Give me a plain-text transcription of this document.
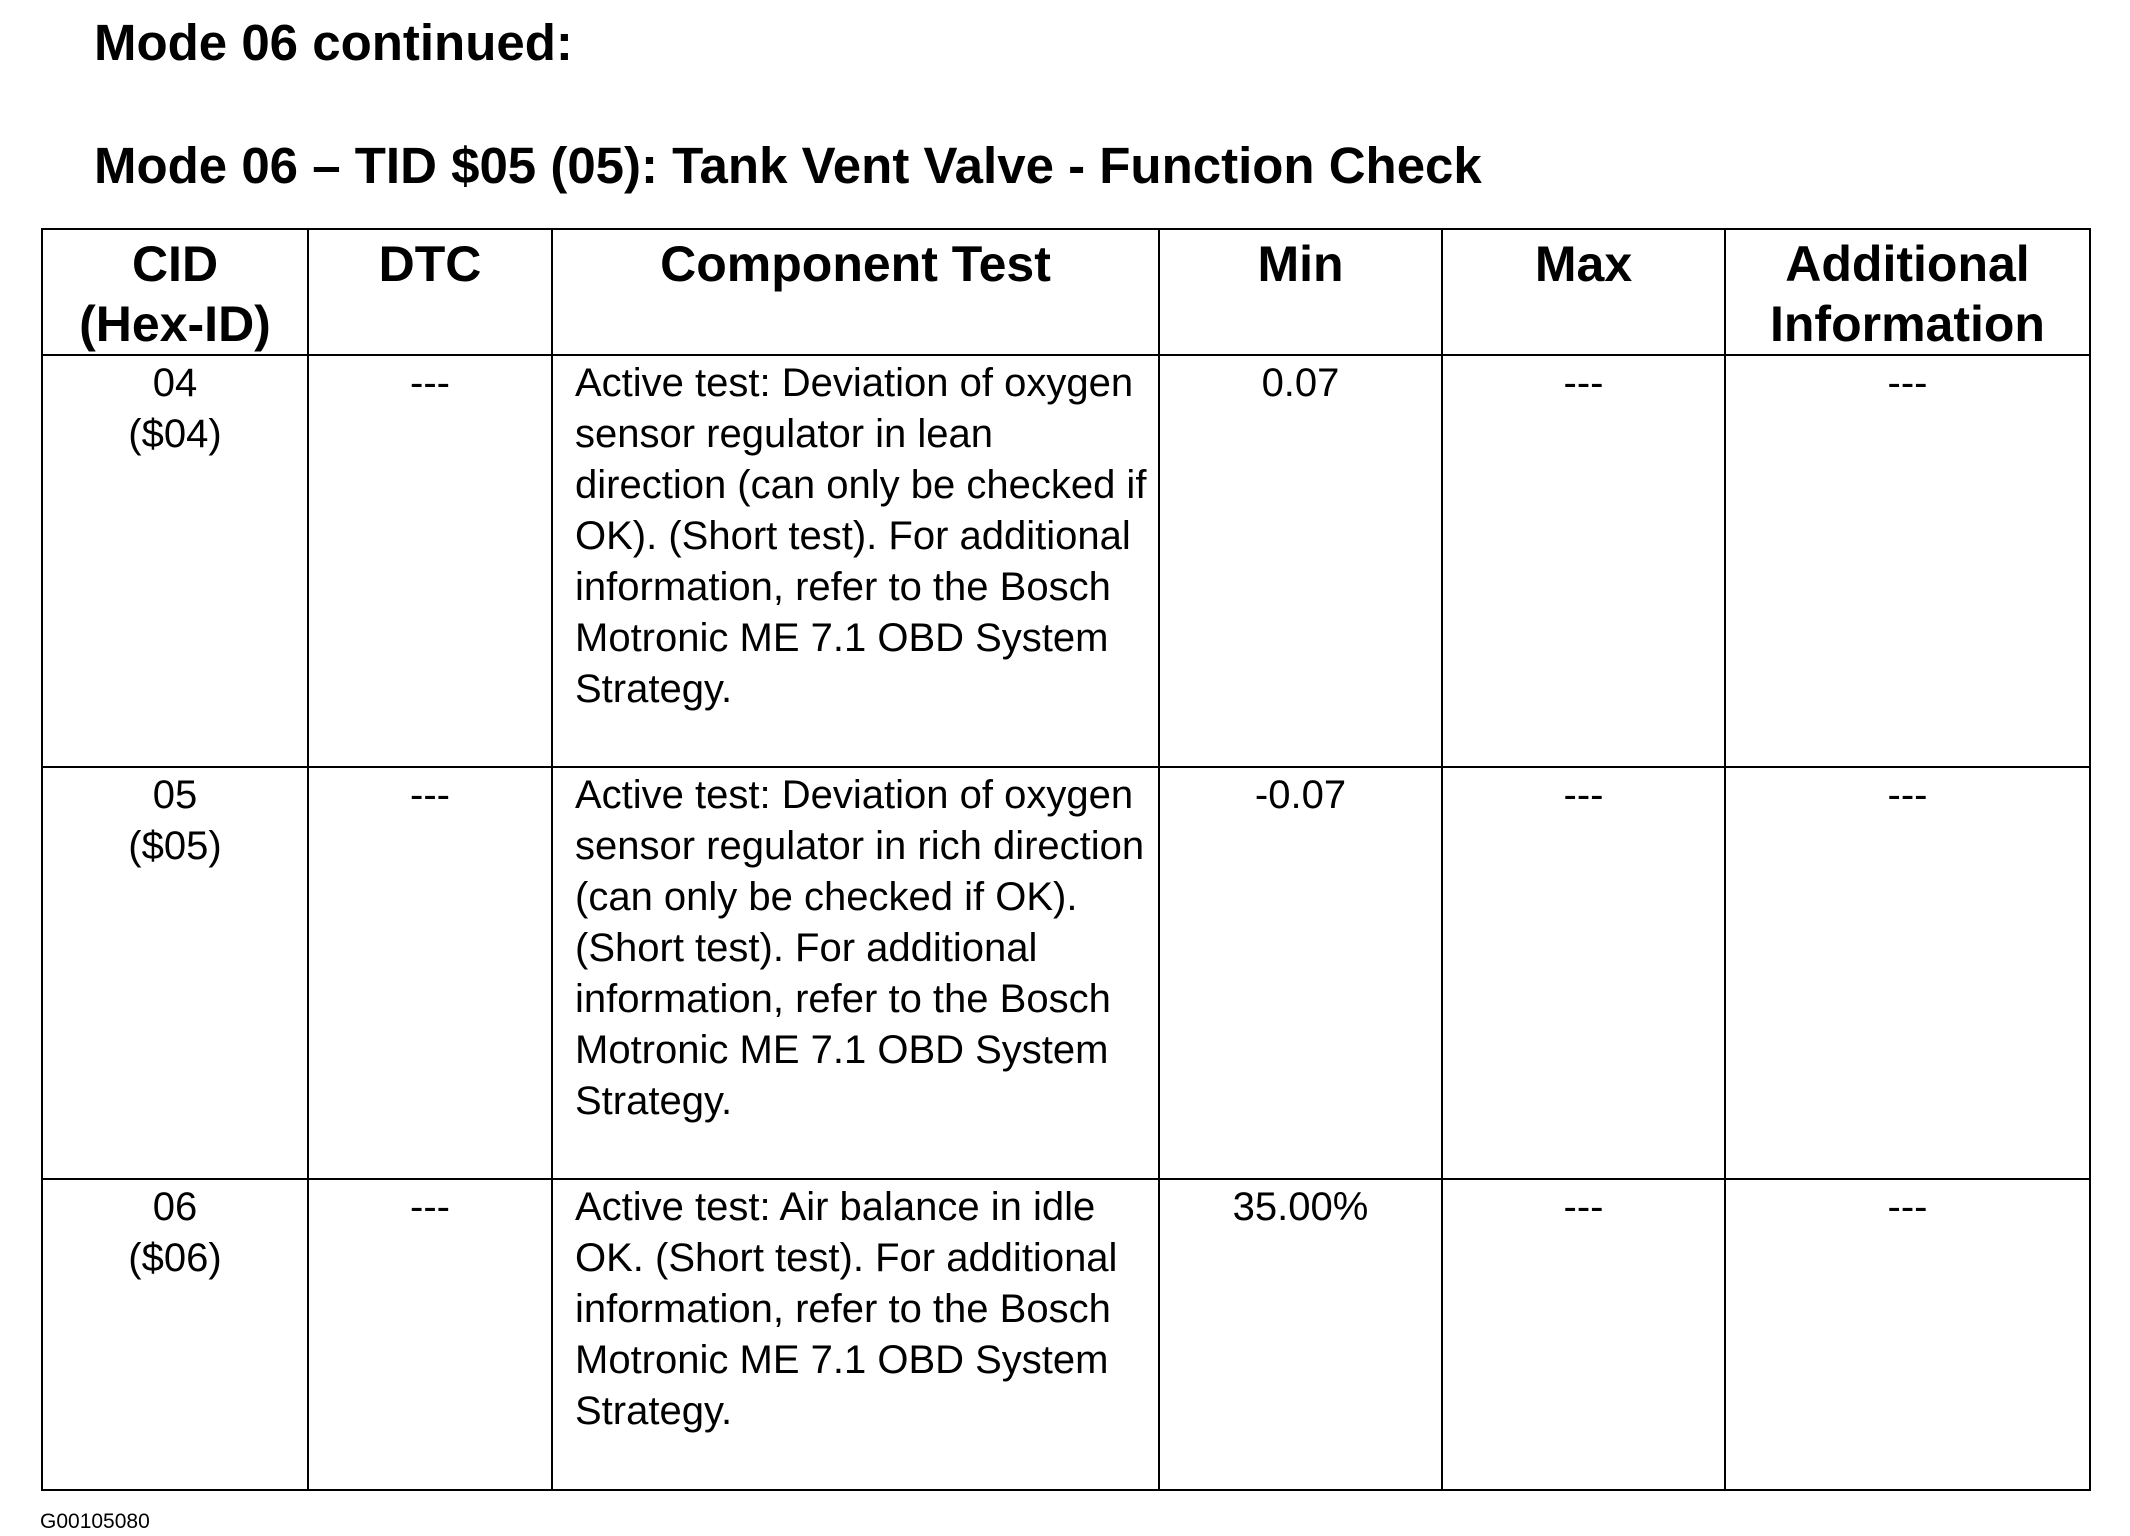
Mode 06 continued:
Mode 06 – TID $05 (05): Tank Vent Valve - Function Check
CID
(Hex-ID)	DTC	Component Test	Min	Max	Additional
Information

04
($04)	---	Active test: Deviation of oxygen sensor regulator in lean direction (can only be checked if OK). (Short test). For additional information, refer to the Bosch Motronic ME 7.1 OBD System Strategy.	0.07	---	---

05
($05)	---	Active test: Deviation of oxygen sensor regulator in rich direction (can only be checked if OK). (Short test). For additional information, refer to the Bosch Motronic ME 7.1 OBD System Strategy.	-0.07	---	---

06
($06)	---	Active test: Air balance in idle OK. (Short test). For additional information, refer to the Bosch Motronic ME 7.1 OBD System Strategy.	35.00%	---	---
G00105080
